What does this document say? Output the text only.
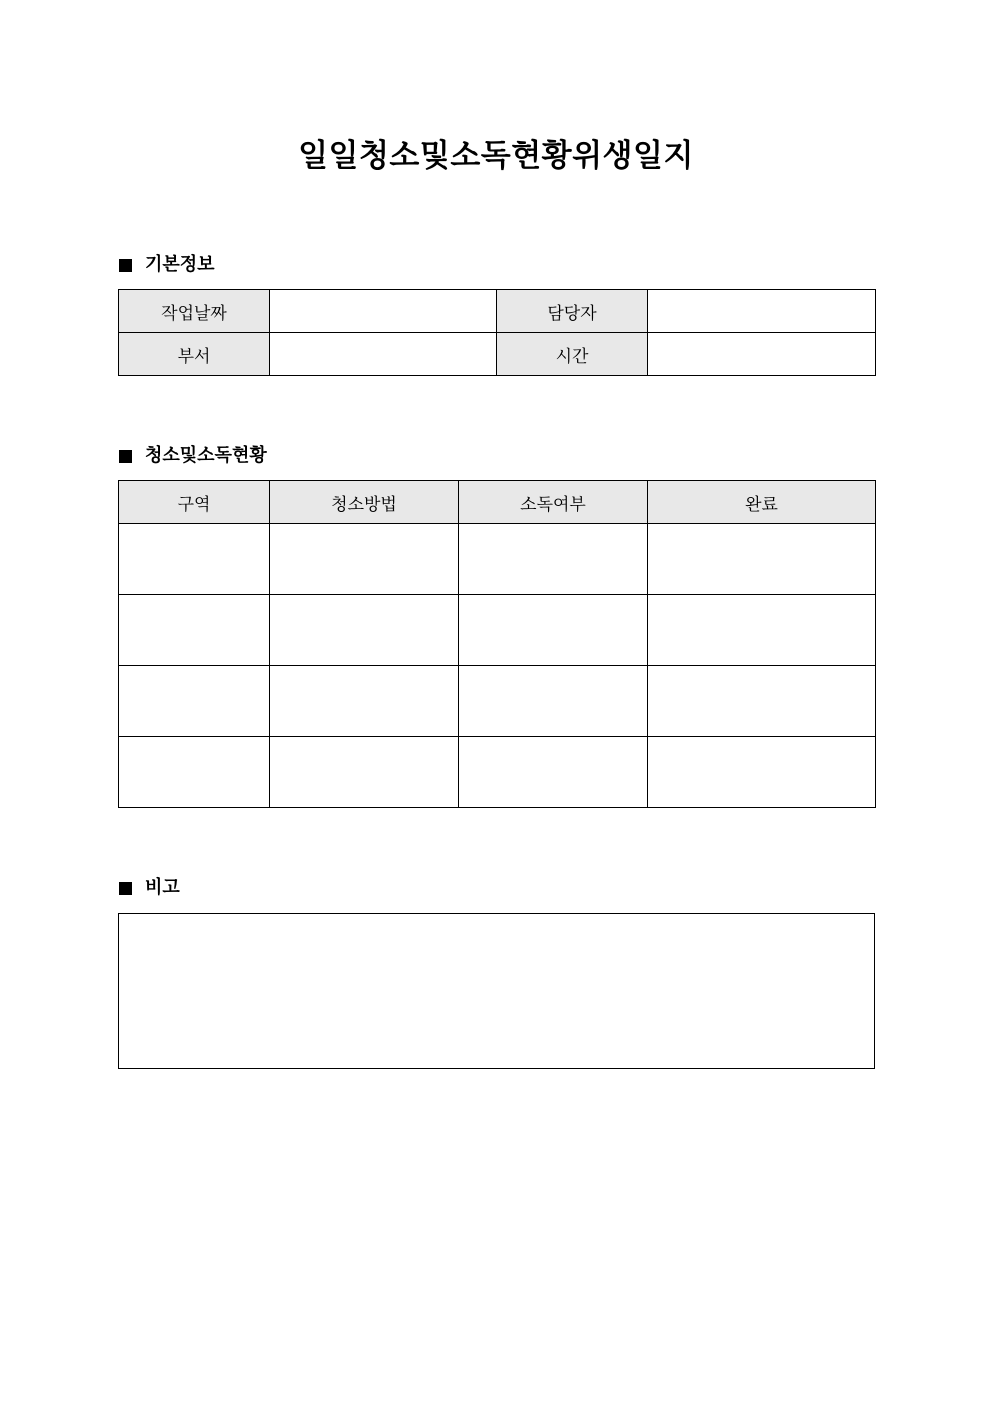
일일청소및소독현황위생일지
기본정보
작업날짜		담당자	
부서		시간	
청소및소독현황
구역	청소방법	소독여부	완료

비고
